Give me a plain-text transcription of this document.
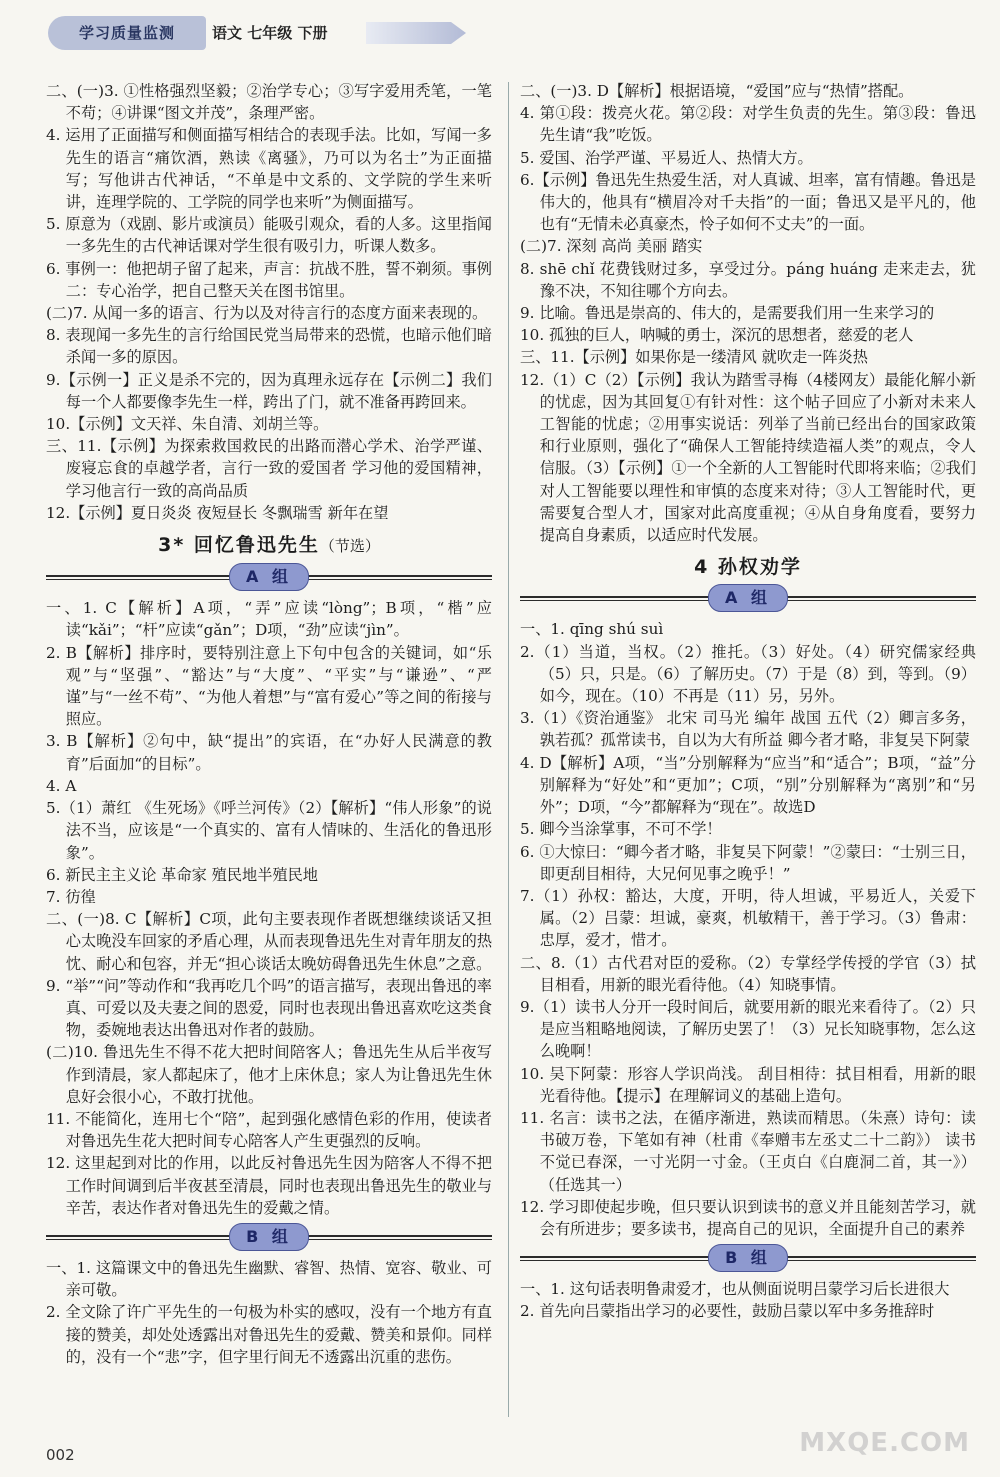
学习质量监测	语文 七年级 下册

二、(一)3. ①性格强烈坚毅；②治学专心；③写字爱用秃笔，一笔不苟；④讲课“图文并茂”，条理严密。

4. 运用了正面描写和侧面描写相结合的表现手法。比如，写闻一多先生的语言“痛饮酒，熟读《离骚》，乃可以为名士”为正面描写；写他讲古代神话，“不单是中文系的、文学院的学生来听讲，连理学院的、工学院的同学也来听”为侧面描写。

5. 原意为（戏剧、影片或演员）能吸引观众，看的人多。这里指闻一多先生的古代神话课对学生很有吸引力，听课人数多。

6. 事例一：他把胡子留了起来，声言：抗战不胜，誓不剃须。事例二：专心治学，把自己整天关在图书馆里。

(二)7. 从闻一多的语言、行为以及对待言行的态度方面来表现的。

8. 表现闻一多先生的言行给国民党当局带来的恐慌，也暗示他们暗杀闻一多的原因。

9.【示例一】正义是杀不完的，因为真理永远存在【示例二】我们每一个人都要像李先生一样，跨出了门，就不准备再跨回来。

10.【示例】文天祥、朱自清、刘胡兰等。

三、11.【示例】为探索救国救民的出路而潜心学术、治学严谨、废寝忘食的卓越学者，言行一致的爱国者 学习他的爱国精神，学习他言行一致的高尚品质

12.【示例】夏日炎炎 夜短昼长 冬飘瑞雪 新年在望

3* 回忆鲁迅先生（节选）
A 组

一、1. C【解析】A项，“弄”应读“lòng”；B项，“楷”应读“kǎi”；“杆”应读“gǎn”；D项，“劲”应读“jìn”。

2. B【解析】排序时，要特别注意上下句中包含的关键词，如“乐观”与“坚强”、“豁达”与“大度”、“平实”与“谦逊”、“严谨”与“一丝不苟”、“为他人着想”与“富有爱心”等之间的衔接与照应。

3. B【解析】②句中，缺“提出”的宾语，在“办好人民满意的教育”后面加“的目标”。

4. A

5.（1）萧红 《生死场》《呼兰河传》（2）【解析】“伟人形象”的说法不当，应该是“一个真实的、富有人情味的、生活化的鲁迅形象”。

6. 新民主主义论 革命家 殖民地半殖民地

7. 彷徨

二、(一)8. C【解析】C项，此句主要表现作者既想继续谈话又担心太晚没车回家的矛盾心理，从而表现鲁迅先生对青年朋友的热忱、耐心和包容，并无“担心谈话太晚妨碍鲁迅先生休息”之意。

9. “举”“问”等动作和“我再吃几个吗”的语言描写，表现出鲁迅的率真、可爱以及夫妻之间的恩爱，同时也表现出鲁迅喜欢吃这类食物，委婉地表达出鲁迅对作者的鼓励。

(二)10. 鲁迅先生不得不花大把时间陪客人；鲁迅先生从后半夜写作到清晨，家人都起床了，他才上床休息；家人为让鲁迅先生休息好会很小心，不敢打扰他。

11. 不能简化，连用七个“陪”，起到强化感情色彩的作用，使读者对鲁迅先生花大把时间专心陪客人产生更强烈的反响。

12. 这里起到对比的作用，以此反衬鲁迅先生因为陪客人不得不把工作时间调到后半夜甚至清晨，同时也表现出鲁迅先生的敬业与辛苦，表达作者对鲁迅先生的爱戴之情。

B 组

一、1. 这篇课文中的鲁迅先生幽默、睿智、热情、宽容、敬业、可亲可敬。

2. 全文除了许广平先生的一句极为朴实的感叹，没有一个地方有直接的赞美，却处处透露出对鲁迅先生的爱戴、赞美和景仰。同样的，没有一个“悲”字，但字里行间无不透露出沉重的悲伤。

二、(一)3. D【解析】根据语境，“爱国”应与“热情”搭配。

4. 第①段：拨亮火花。第②段：对学生负责的先生。第③段：鲁迅先生请“我”吃饭。

5. 爱国、治学严谨、平易近人、热情大方。

6.【示例】鲁迅先生热爱生活，对人真诚、坦率，富有情趣。鲁迅是伟大的，他具有“横眉冷对千夫指”的一面；鲁迅又是平凡的，他也有“无情未必真豪杰，怜子如何不丈夫”的一面。

(二)7. 深刻 高尚 美丽 踏实

8. shē chǐ 花费钱财过多，享受过分。páng huáng 走来走去，犹豫不决，不知往哪个方向去。

9. 比喻。鲁迅是崇高的、伟大的，是需要我们用一生来学习的

10. 孤独的巨人，呐喊的勇士，深沉的思想者，慈爱的老人

三、11.【示例】如果你是一缕清风 就吹走一阵炎热

12.（1）C（2）【示例】我认为踏雪寻梅（4楼网友）最能化解小新的忧虑，因为其回复①有针对性：这个帖子回应了小新对未来人工智能的忧虑；②用事实说话：列举了当前已经出台的国家政策和行业原则，强化了“确保人工智能持续造福人类”的观点，令人信服。（3）【示例】①一个全新的人工智能时代即将来临；②我们对人工智能要以理性和审慎的态度来对待；③人工智能时代，更需要复合型人才，国家对此高度重视；④从自身角度看，要努力提高自身素质，以适应时代发展。

4 孙权劝学
A 组

一、1. qīng shú suì

2.（1）当道，当权。（2）推托。（3）好处。（4）研究儒家经典（5）只，只是。（6）了解历史。（7）于是（8）到，等到。（9）如今，现在。（10）不再是（11）另，另外。

3.（1）《资治通鉴》 北宋 司马光 编年 战国 五代（2）卿言多务，孰若孤？孤常读书，自以为大有所益 卿今者才略，非复吴下阿蒙

4. D【解析】A项，“当”分别解释为“应当”和“适合”；B项，“益”分别解释为“好处”和“更加”；C项，“别”分别解释为“离别”和“另外”；D项，“今”都解释为“现在”。故选D

5. 卿今当涂掌事，不可不学！

6. ①大惊曰：“卿今者才略，非复吴下阿蒙！”②蒙曰：“士别三日，即更刮目相待，大兄何见事之晚乎！”

7.（1）孙权：豁达，大度，开明，待人坦诚，平易近人，关爱下属。（2）吕蒙：坦诚，豪爽，机敏精干，善于学习。（3）鲁肃：忠厚，爱才，惜才。

二、8.（1）古代君对臣的爱称。（2）专掌经学传授的学官（3）拭目相看，用新的眼光看待他。（4）知晓事情。

9.（1）读书人分开一段时间后，就要用新的眼光来看待了。（2）只是应当粗略地阅读，了解历史罢了！（3）兄长知晓事物，怎么这么晚啊！

10. 吴下阿蒙：形容人学识尚浅。 刮目相待：拭目相看，用新的眼光看待他。【提示】在理解词义的基础上造句。

11. 名言：读书之法，在循序渐进，熟读而精思。（朱熹）诗句：读书破万卷，下笔如有神（杜甫《奉赠韦左丞丈二十二韵》） 读书不觉已春深，一寸光阴一寸金。（王贞白《白鹿洞二首，其一》）（任选其一）

12. 学习即使起步晚，但只要认识到读书的意义并且能刻苦学习，就会有所进步；要多读书，提高自己的见识，全面提升自己的素养

B 组

一、1. 这句话表明鲁肃爱才，也从侧面说明吕蒙学习后长进很大

2. 首先向吕蒙指出学习的必要性，鼓励吕蒙以军中多务推辞时

002	MXQE.COM
